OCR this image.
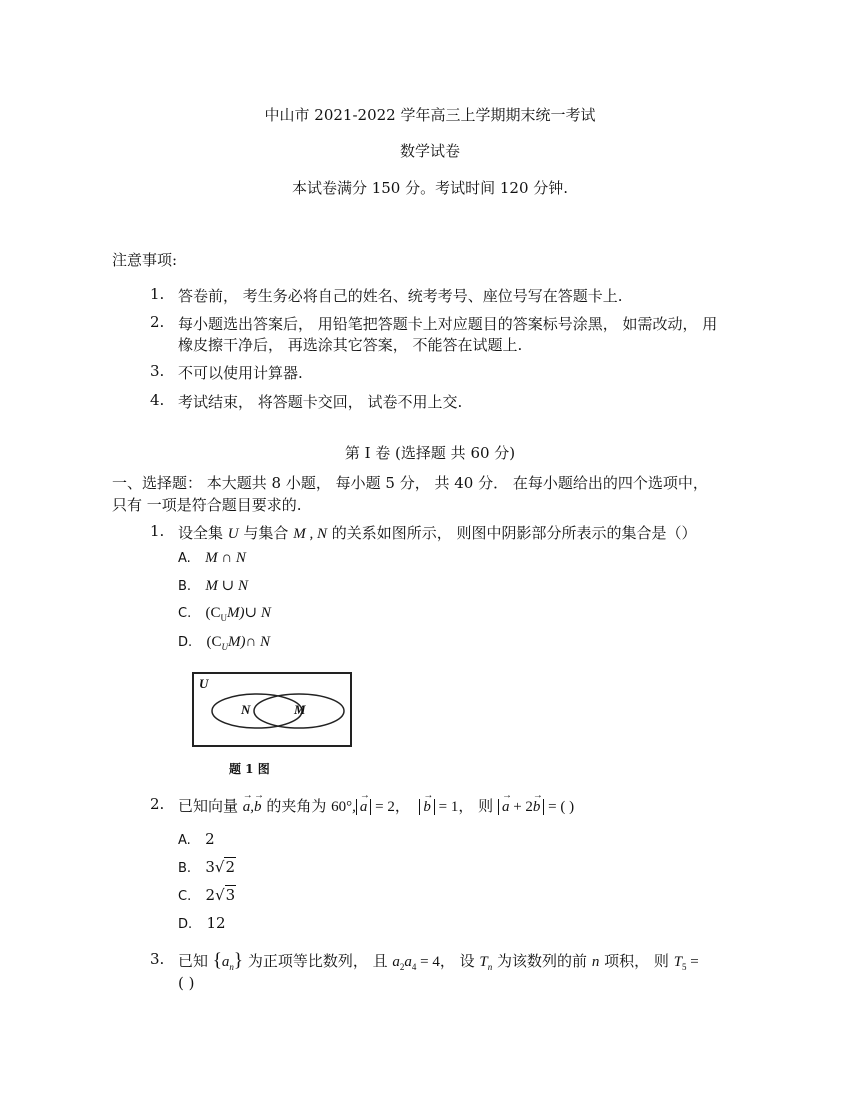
中山市 2021-2022 学年高三上学期期末统一考试
数学试卷
本试卷满分 150 分。考试时间 120 分钟.
注意事项:
1. 答卷前， 考生务必将自己的姓名、统考考号、座位号写在答题卡上.
2. 每小题选出答案后， 用铅笔把答题卡上对应题目的答案标号涂黑， 如需改动， 用
橡皮擦干净后， 再选涂其它答案， 不能答在试题上.
3. 不可以使用计算器.
4. 考试结束， 将答题卡交回， 试卷不用上交.
第 I 卷 (选择题 共 60 分)
一、选择题： 本大题共 8 小题， 每小题 5 分， 共 40 分． 在每小题给出的四个选项中，
只有 一项是符合题目要求的.
1. 设全集 U 与集合 M , N 的关系如图所示， 则图中阴影部分所表示的集合是（）
A. M ∩ N
B. M ∪ N
C. $(C_UM)\cup$ N
D. $(C_UM)\cap$ N
U
N	M
题 1 图
2. 已知向量 → a,→ b 的夹角为 60°, → a = 2，  → b = 1， 则 → a + 2→ b = ( )
A. 2
B. 3√2
C. 2√3
D. 12
3. 已知 $\{a_n\}$ 为正项等比数列， 且 $a_2a_4 = 4$， 设 $T_n$ 为该数列的前 n 项积， 则 $T_5$ =
( )
